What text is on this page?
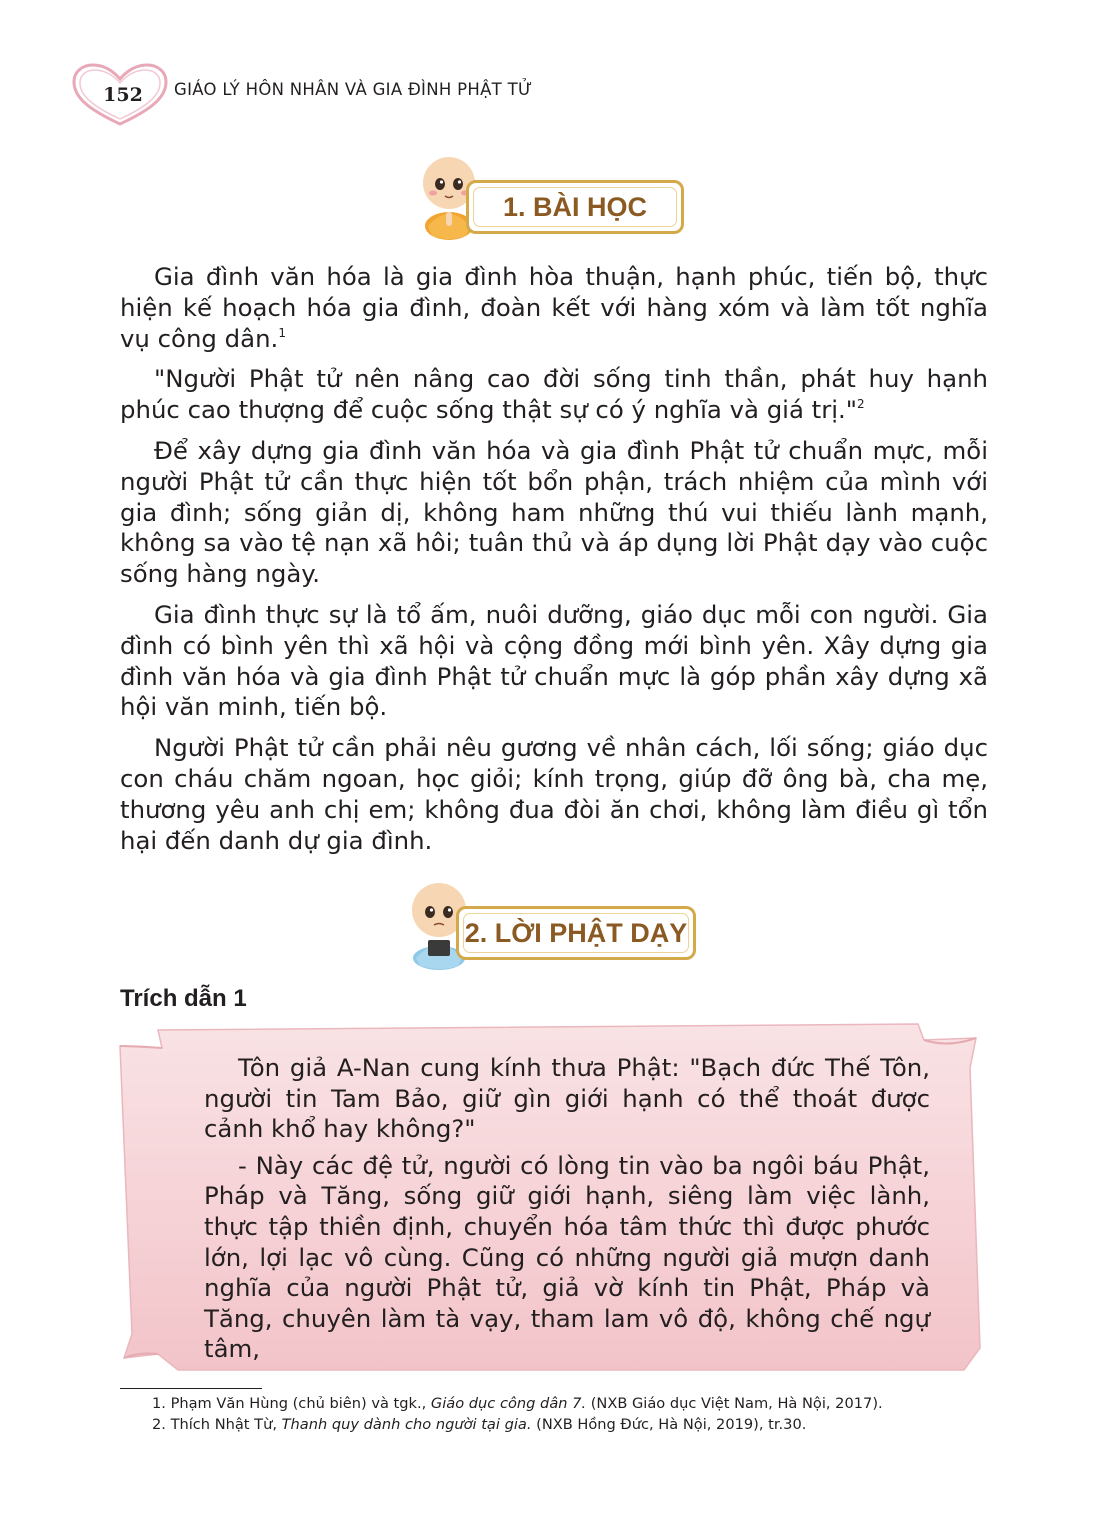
152 GIÁO LÝ HÔN NHÂN VÀ GIA ĐÌNH PHẬT TỬ
1. BÀI HỌC

Gia đình văn hóa là gia đình hòa thuận, hạnh phúc, tiến bộ, thực hiện kế hoạch hóa gia đình, đoàn kết với hàng xóm và làm tốt nghĩa vụ công dân.$^1$

"Người Phật tử nên nâng cao đời sống tinh thần, phát huy hạnh phúc cao thượng để cuộc sống thật sự có ý nghĩa và giá trị."$^2$

Để xây dựng gia đình văn hóa và gia đình Phật tử chuẩn mực, mỗi người Phật tử cần thực hiện tốt bổn phận, trách nhiệm của mình với gia đình; sống giản dị, không ham những thú vui thiếu lành mạnh, không sa vào tệ nạn xã hôi; tuân thủ và áp dụng lời Phật dạy vào cuộc sống hàng ngày.

Gia đình thực sự là tổ ấm, nuôi dưỡng, giáo dục mỗi con người. Gia đình có bình yên thì xã hội và cộng đồng mới bình yên. Xây dựng gia đình văn hóa và gia đình Phật tử chuẩn mực là góp phần xây dựng xã hội văn minh, tiến bộ.

Người Phật tử cần phải nêu gương về nhân cách, lối sống; giáo dục con cháu chăm ngoan, học giỏi; kính trọng, giúp đỡ ông bà, cha mẹ, thương yêu anh chị em; không đua đòi ăn chơi, không làm điều gì tổn hại đến danh dự gia đình.

2. LỜI PHẬT DẠY
Trích dẫn 1

Tôn giả A-Nan cung kính thưa Phật: "Bạch đức Thế Tôn, người tin Tam Bảo, giữ gìn giới hạnh có thể thoát được cảnh khổ hay không?"

- Này các đệ tử, người có lòng tin vào ba ngôi báu Phật, Pháp và Tăng, sống giữ giới hạnh, siêng làm việc lành, thực tập thiền định, chuyển hóa tâm thức thì được phước lớn, lợi lạc vô cùng. Cũng có những người giả mượn danh nghĩa của người Phật tử, giả vờ kính tin Phật, Pháp và Tăng, chuyên làm tà vạy, tham lam vô độ, không chế ngự tâm,

1. Phạm Văn Hùng (chủ biên) và tgk., Giáo dục công dân 7. (NXB Giáo dục Việt Nam, Hà Nội, 2017).
2. Thích Nhật Từ, Thanh quy dành cho người tại gia. (NXB Hồng Đức, Hà Nội, 2019), tr.30.
